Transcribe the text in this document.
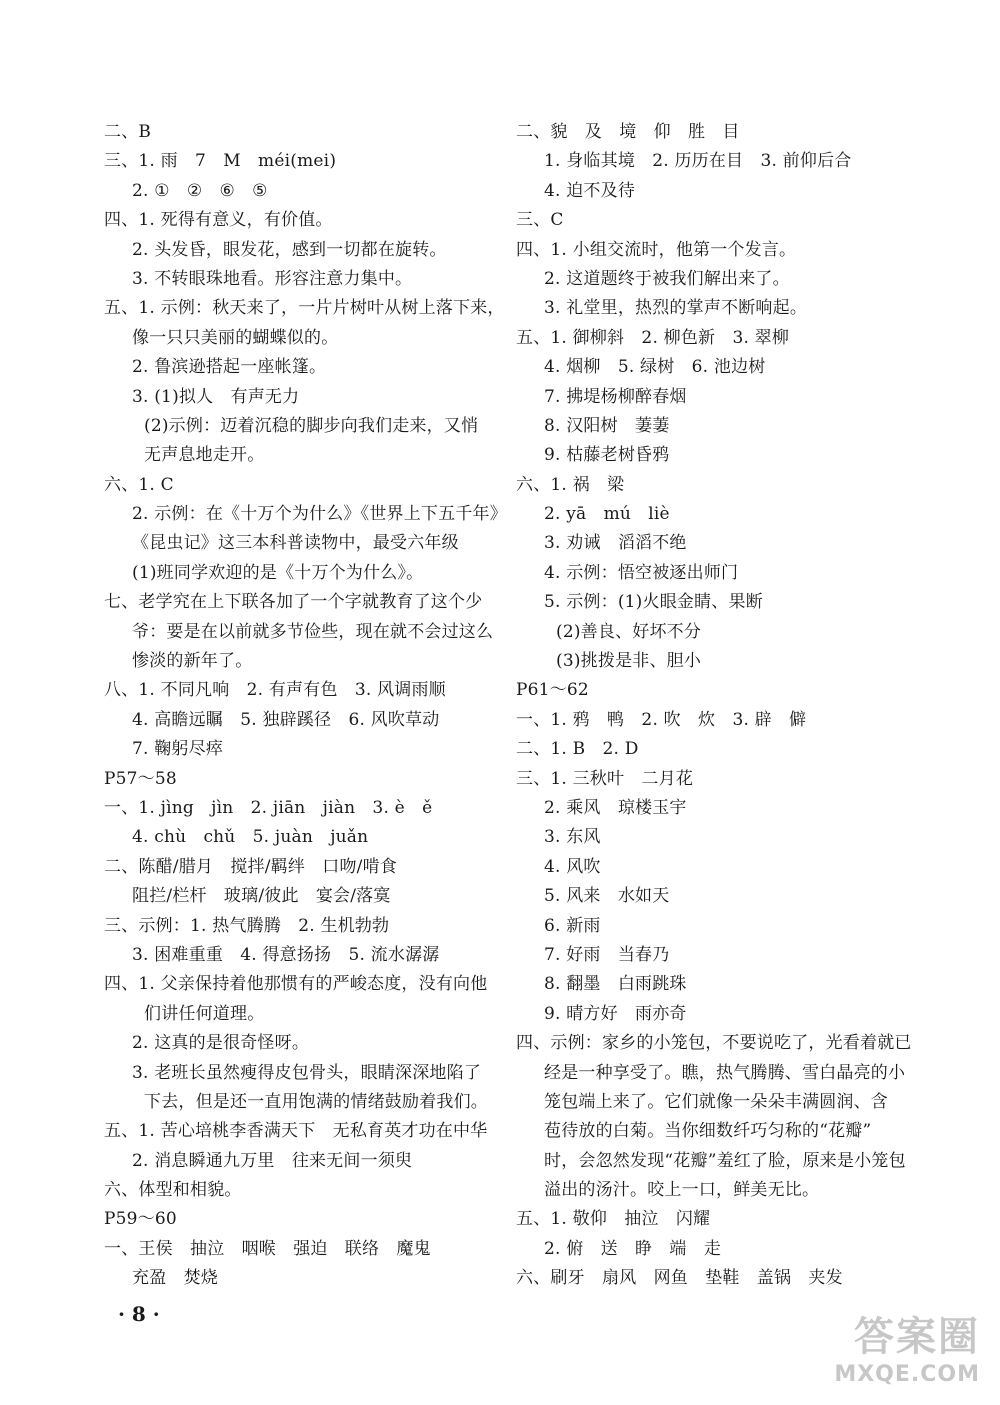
二、B
三、1. 雨　7　M　méi(mei)
2. ①　②　⑥　⑤
四、1. 死得有意义，有价值。
2. 头发昏，眼发花，感到一切都在旋转。
3. 不转眼珠地看。形容注意力集中。
五、1. 示例：秋天来了，一片片树叶从树上落下来，
像一只只美丽的蝴蝶似的。
2. 鲁滨逊搭起一座帐篷。
3. (1)拟人　有声无力
(2)示例：迈着沉稳的脚步向我们走来，又悄
无声息地走开。
六、1. C
2. 示例：在《十万个为什么》《世界上下五千年》
《昆虫记》这三本科普读物中，最受六年级
(1)班同学欢迎的是《十万个为什么》。
七、老学究在上下联各加了一个字就教育了这个少
爷：要是在以前就多节俭些，现在就不会过这么
惨淡的新年了。
八、1. 不同凡响　2. 有声有色　3. 风调雨顺
4. 高瞻远瞩　5. 独辟蹊径　6. 风吹草动
7. 鞠躬尽瘁
P57～58
一、1. jìng　jìn　2. jiān　jiàn　3. è　ě
4. chù　chǔ　5. juàn　juǎn
二、陈醋/腊月　搅拌/羁绊　口吻/啃食
阻拦/栏杆　玻璃/彼此　宴会/落寞
三、示例：1. 热气腾腾　2. 生机勃勃
3. 困难重重　4. 得意扬扬　5. 流水潺潺
四、1. 父亲保持着他那惯有的严峻态度，没有向他
们讲任何道理。
2. 这真的是很奇怪呀。
3. 老班长虽然瘦得皮包骨头，眼睛深深地陷了
下去，但是还一直用饱满的情绪鼓励着我们。
五、1. 苦心培桃李香满天下　无私育英才功在中华
2. 消息瞬通九万里　往来无间一须臾
六、体型和相貌。
P59～60
一、王侯　抽泣　咽喉　强迫　联络　魔鬼
充盈　焚烧
二、貌　及　境　仰　胜　目
1. 身临其境　2. 历历在目　3. 前仰后合
4. 迫不及待
三、C
四、1. 小组交流时，他第一个发言。
2. 这道题终于被我们解出来了。
3. 礼堂里，热烈的掌声不断响起。
五、1. 御柳斜　2. 柳色新　3. 翠柳
4. 烟柳　5. 绿树　6. 池边树
7. 拂堤杨柳醉春烟
8. 汉阳树　萋萋
9. 枯藤老树昏鸦
六、1. 祸　梁
2. yā　mú　liè
3. 劝诫　滔滔不绝
4. 示例：悟空被逐出师门
5. 示例：(1)火眼金睛、果断
(2)善良、好坏不分
(3)挑拨是非、胆小
P61～62
一、1. 鸦　鸭　2. 吹　炊　3. 辟　僻
二、1. B　2. D
三、1. 三秋叶　二月花
2. 乘风　琼楼玉宇
3. 东风
4. 风吹
5. 风来　水如天
6. 新雨
7. 好雨　当春乃
8. 翻墨　白雨跳珠
9. 晴方好　雨亦奇
四、示例：家乡的小笼包，不要说吃了，光看着就已
经是一种享受了。瞧，热气腾腾、雪白晶亮的小
笼包端上来了。它们就像一朵朵丰满圆润、含
苞待放的白菊。当你细数纤巧匀称的“花瓣”
时，会忽然发现“花瓣”羞红了脸，原来是小笼包
溢出的汤汁。咬上一口，鲜美无比。
五、1. 敬仰　抽泣　闪耀
2. 俯　送　睁　端　走
六、刷牙　扇风　网鱼　垫鞋　盖锅　夹发
· 8 ·	答案圈
MXQE.COM
